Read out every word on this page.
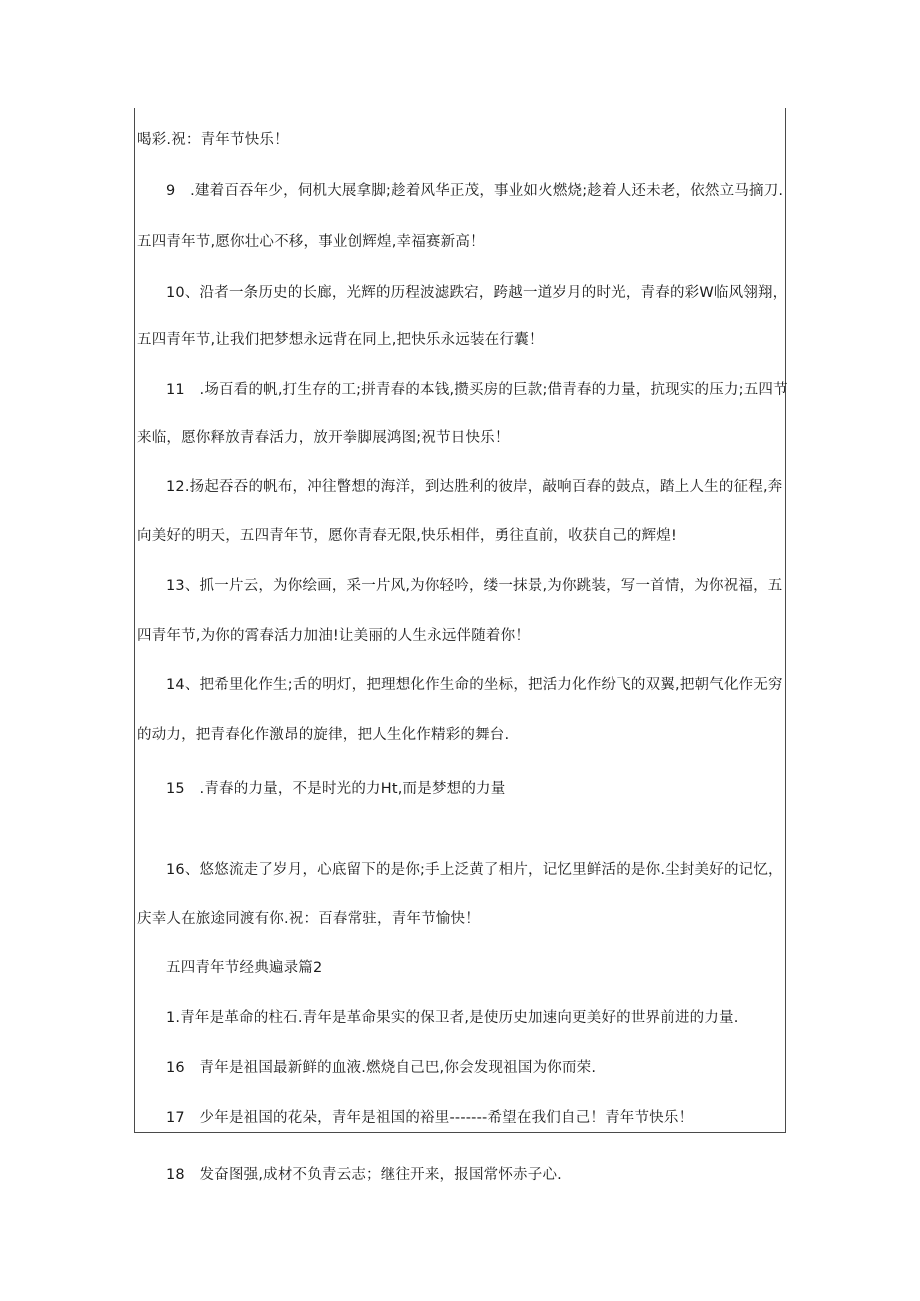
喝彩.祝：青年节快乐！
9　.建着百吞年少，伺机大展拿脚;趁着风华正茂，事业如火燃烧;趁着人还未老，依然立马摘刀.
五四青年节,愿你壮心不移，事业创辉煌,幸福赛新高！
10、沿者一条历史的长廊，光辉的历程波滤跌宕，跨越一道岁月的时光，青春的彩W临风翎翔，
五四青年节,让我们把梦想永远背在同上,把快乐永远装在行囊！
11　.场百看的帆,打生存的工;拼青春的本钱,攒买房的巨款;借青春的力量，抗现实的压力;五四节
来临，愿你释放青春活力，放开拳脚展鸿图;祝节日快乐！
12.扬起吞吞的帆布，冲往瞥想的海洋，到达胜利的彼岸，敲响百春的鼓点，踏上人生的征程,奔
向美好的明天，五四青年节，愿你青春无限,快乐相伴，勇往直前，收获自己的辉煌!
13、抓一片云，为你绘画，采一片风,为你轻吟，缕一抹景,为你跳装，写一首情，为你祝福，五
四青年节,为你的霄春活力加油!让美丽的人生永远伴随着你！
14、把希里化作生;舌的明灯，把理想化作生命的坐标，把活力化作纷飞的双翼,把朝气化作无穷
的动力，把青春化作激昂的旋律，把人生化作精彩的舞台.
15　.青春的力量，不是时光的力Ht,而是梦想的力量
16、悠悠流走了岁月，心底留下的是你;手上泛黄了相片，记忆里鲜活的是你.尘封美好的记忆，
庆幸人在旅途同渡有你.祝：百春常驻，青年节愉快！
五四青年节经典遍录篇2
1.青年是革命的柱石.青年是革命果实的保卫者,是使历史加速向更美好的世界前进的力量.
16　青年是祖国最新鲜的血液.燃烧自己巴,你会发现祖国为你而荣.
17　少年是祖国的花朵，青年是祖国的裕里-------希望在我们自己！青年节快乐！
18　发奋图强,成材不负青云志；继往开来，报国常怀赤子心.
